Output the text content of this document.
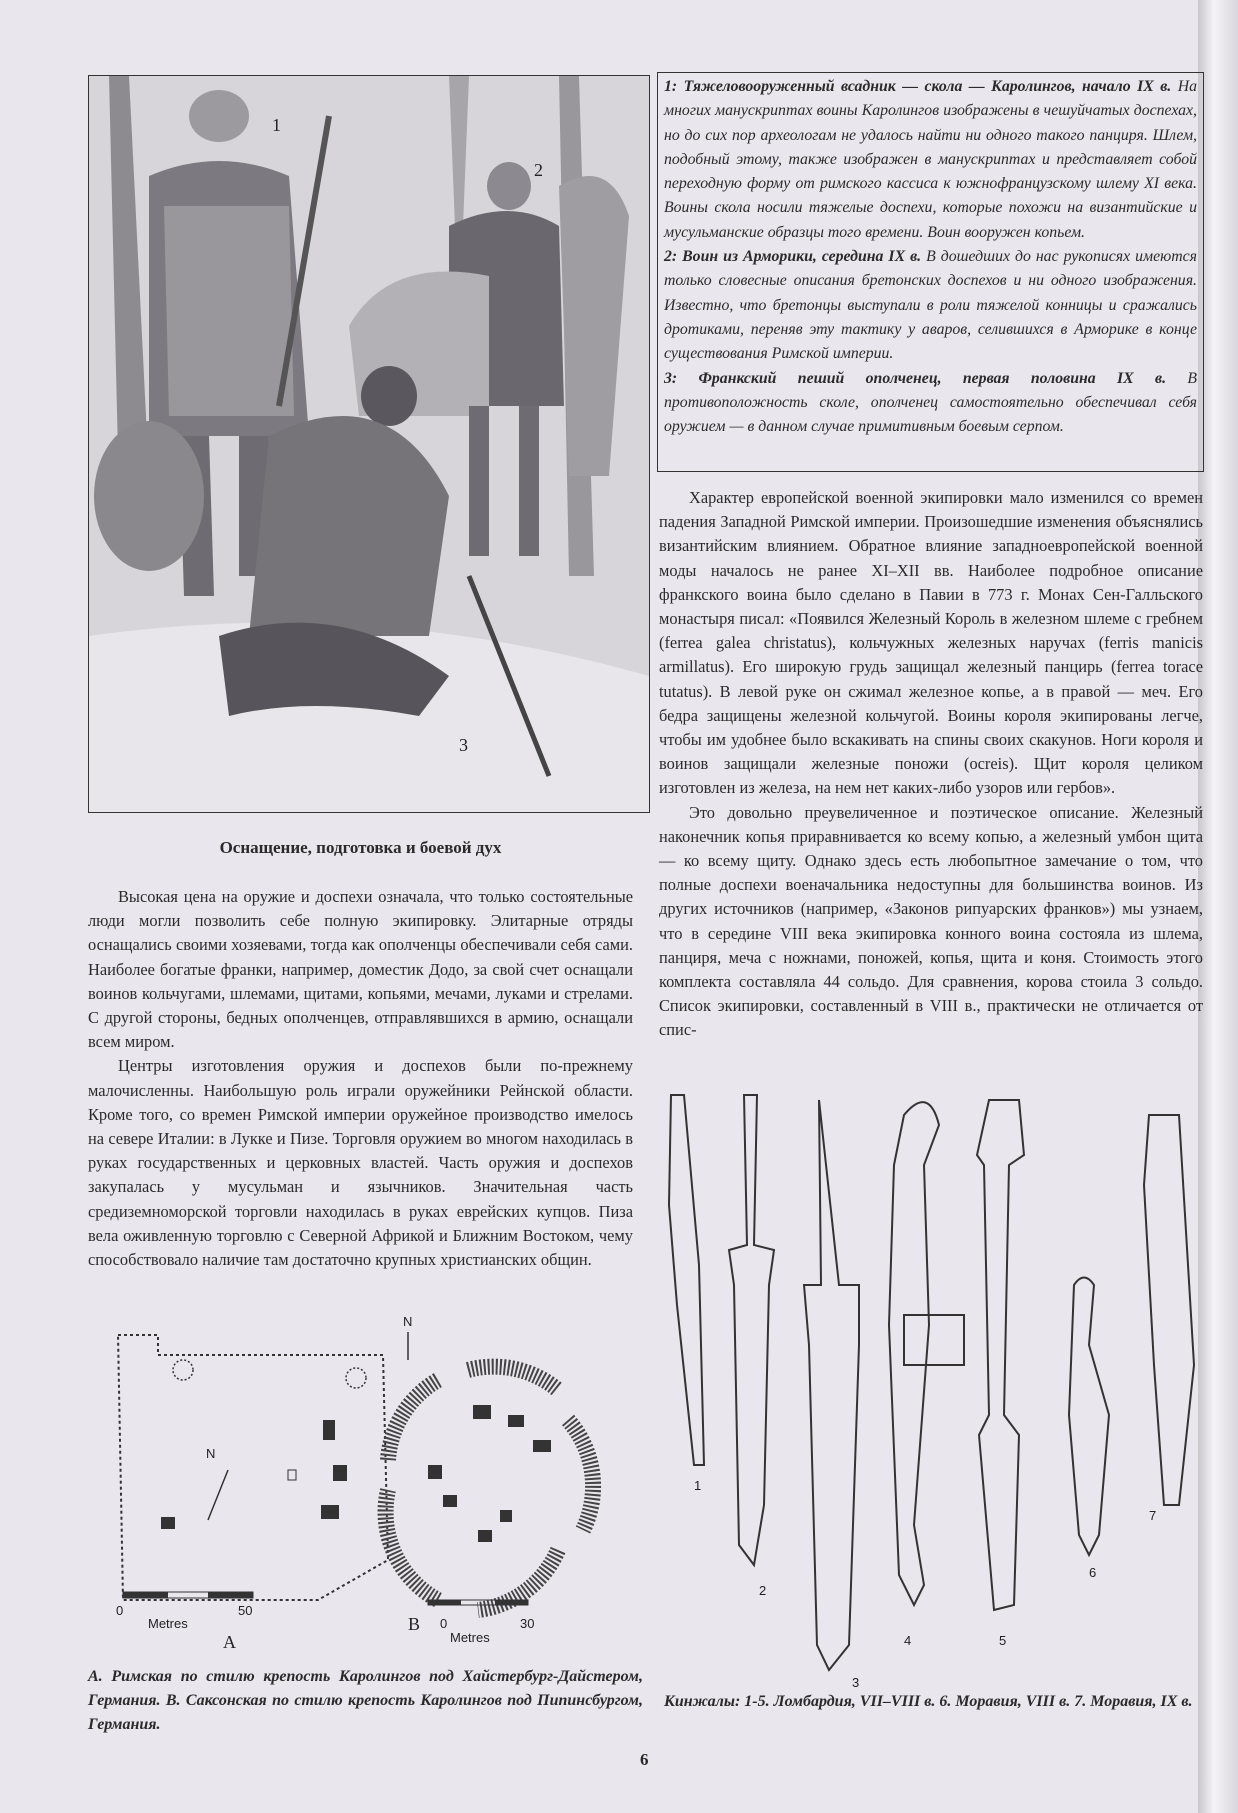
1
2
3
1: Тяжеловооруженный всадник — скола — Каролингов, начало IX в. На многих манускриптах воины Каролингов изображены в чешуйчатых доспехах, но до сих пор археологам не удалось найти ни одного такого панциря. Шлем, подобный этому, также изображен в манускриптах и представляет собой переходную форму от римского кассиса к южнофранцузскому шлему XI века. Воины скола носили тяжелые доспехи, которые похожи на византийские и мусульманские образцы того времени. Воин вооружен копьем.
2: Воин из Арморики, середина IX в. В дошедших до нас рукописях имеются только словесные описания бретонских доспехов и ни одного изображения. Известно, что бретонцы выступали в роли тяжелой конницы и сражались дротиками, переняв эту тактику у аваров, селившихся в Арморике в конце существования Римской империи.
3: Франкский пеший ополченец, первая половина IX в. В противоположность сколе, ополченец самостоятельно обеспечивал себя оружием — в данном случае примитивным боевым серпом.

Характер европейской военной экипировки мало изменился со времен падения Западной Римской империи. Произошедшие изменения объяснялись византийским влиянием. Обратное влияние западноевропейской военной моды началось не ранее XI–XII вв. Наиболее подробное описание франкского воина было сделано в Павии в 773 г. Монах Сен-Галльского монастыря писал: «Появился Железный Король в железном шлеме с гребнем (ferrea galea christatus), кольчужных железных наручах (ferris manicis armillatus). Его широкую грудь защищал железный панцирь (ferrea torace tutatus). В левой руке он сжимал железное копье, а в правой — меч. Его бедра защищены железной кольчугой. Воины короля экипированы легче, чтобы им удобнее было вскакивать на спины своих скакунов. Ноги короля и воинов защищали железные поножи (ocreis). Щит короля целиком изготовлен из железа, на нем нет каких-либо узоров или гербов».

Это довольно преувеличенное и поэтическое описание. Железный наконечник копья приравнивается ко всему копью, а железный умбон щита — ко всему щиту. Однако здесь есть любопытное замечание о том, что полные доспехи военачальника недоступны для большинства воинов. Из других источников (например, «Законов рипуарских франков») мы узнаем, что в середине VIII века экипировка конного воина состояла из шлема, панциря, меча с ножнами, поножей, копья, щита и коня. Стоимость этого комплекта составляла 44 сольдо. Для сравнения, корова стоила 3 сольдо. Список экипировки, составленный в VIII в., практически не отличается от спис-

Оснащение, подготовка и боевой дух

Высокая цена на оружие и доспехи означала, что только состоятельные люди могли позволить себе полную экипировку. Элитарные отряды оснащались своими хозяевами, тогда как ополченцы обеспечивали себя сами. Наиболее богатые франки, например, доместик Додо, за свой счет оснащали воинов кольчугами, шлемами, щитами, копьями, мечами, луками и стрелами. С другой стороны, бедных ополченцев, отправлявшихся в армию, оснащали всем миром.

Центры изготовления оружия и доспехов были по-прежнему малочисленны. Наибольшую роль играли оружейники Рейнской области. Кроме того, со времен Римской империи оружейное производство имелось на севере Италии: в Лукке и Пизе. Торговля оружием во многом находилась в руках государственных и церковных властей. Часть оружия и доспехов закупалась у мусульман и язычников. Значительная часть средиземноморской торговли находилась в руках еврейских купцов. Пиза вела оживленную торговлю с Северной Африкой и Ближним Востоком, чему способствовало наличие там достаточно крупных христианских общин.

N
0	50
Metres
A
N
B 0	30
Metres
А. Римская по стилю крепость Каролингов под Хайстербург-Дайстером, Германия. В. Саксонская по стилю крепость Каролингов под Пипинсбургом, Германия.
1
2
3
4	5
6
7
Кинжалы: 1-5. Ломбардия, VII–VIII в. 6. Моравия, VIII в. 7. Моравия, IX в.
6
